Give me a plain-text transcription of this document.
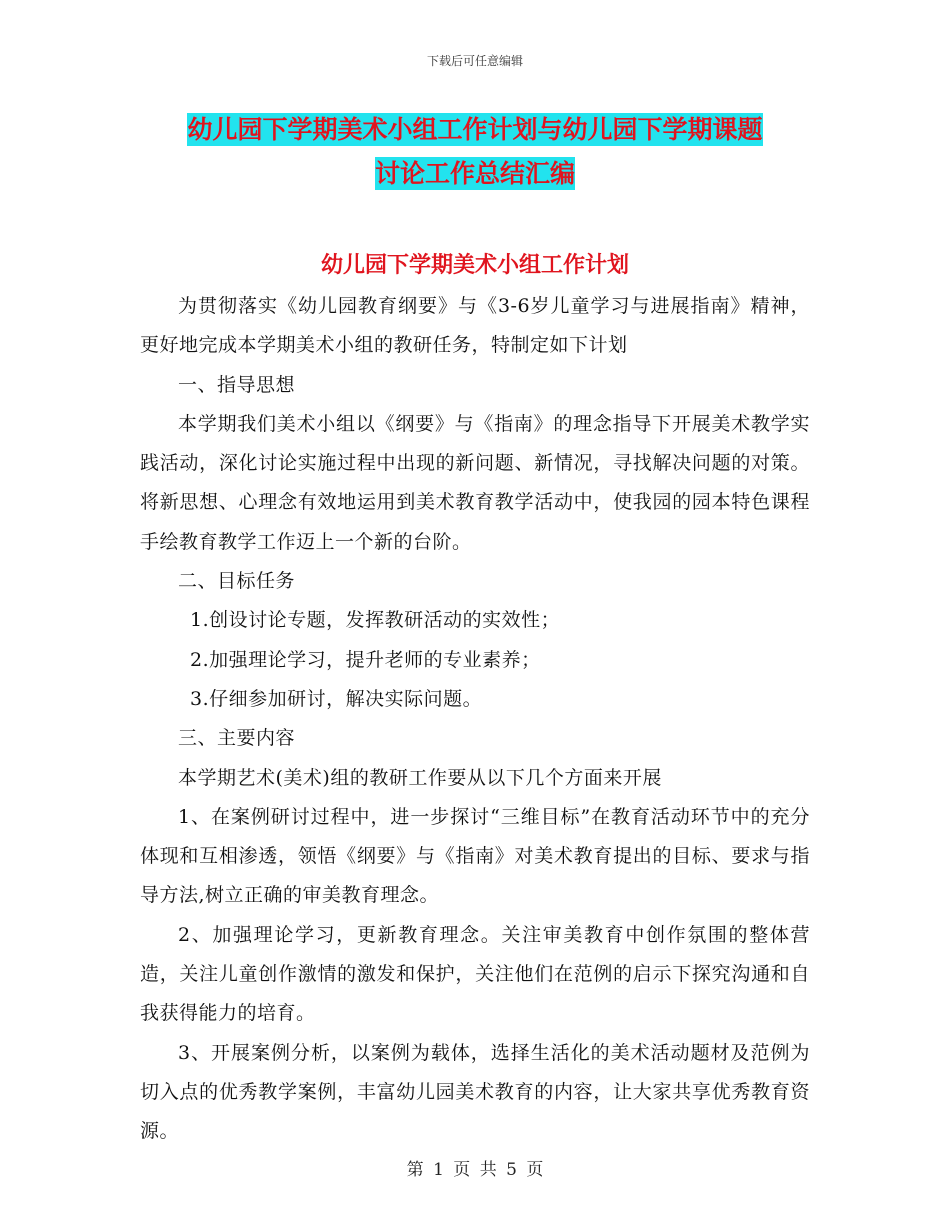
下载后可任意编辑
幼儿园下学期美术小组工作计划与幼儿园下学期课题
讨论工作总结汇编
幼儿园下学期美术小组工作计划

为贯彻落实《幼儿园教育纲要》与《3-6岁儿童学习与进展指南》精神，更好地完成本学期美术小组的教研任务，特制定如下计划

一、指导思想

本学期我们美术小组以《纲要》与《指南》的理念指导下开展美术教学实践活动，深化讨论实施过程中出现的新问题、新情况，寻找解决问题的对策。将新思想、心理念有效地运用到美术教育教学活动中，使我园的园本特色课程手绘教育教学工作迈上一个新的台阶。

二、目标任务

1.创设讨论专题，发挥教研活动的实效性；

2.加强理论学习，提升老师的专业素养；

3.仔细参加研讨，解决实际问题。

三、主要内容

本学期艺术(美术)组的教研工作要从以下几个方面来开展

1、在案例研讨过程中，进一步探讨“三维目标”在教育活动环节中的充分体现和互相渗透，领悟《纲要》与《指南》对美术教育提出的目标、要求与指导方法,树立正确的审美教育理念。

2、加强理论学习，更新教育理念。关注审美教育中创作氛围的整体营造，关注儿童创作激情的激发和保护，关注他们在范例的启示下探究沟通和自我获得能力的培育。

3、开展案例分析，以案例为载体，选择生活化的美术活动题材及范例为切入点的优秀教学案例，丰富幼儿园美术教育的内容，让大家共享优秀教育资源。

第 1 页 共 5 页
